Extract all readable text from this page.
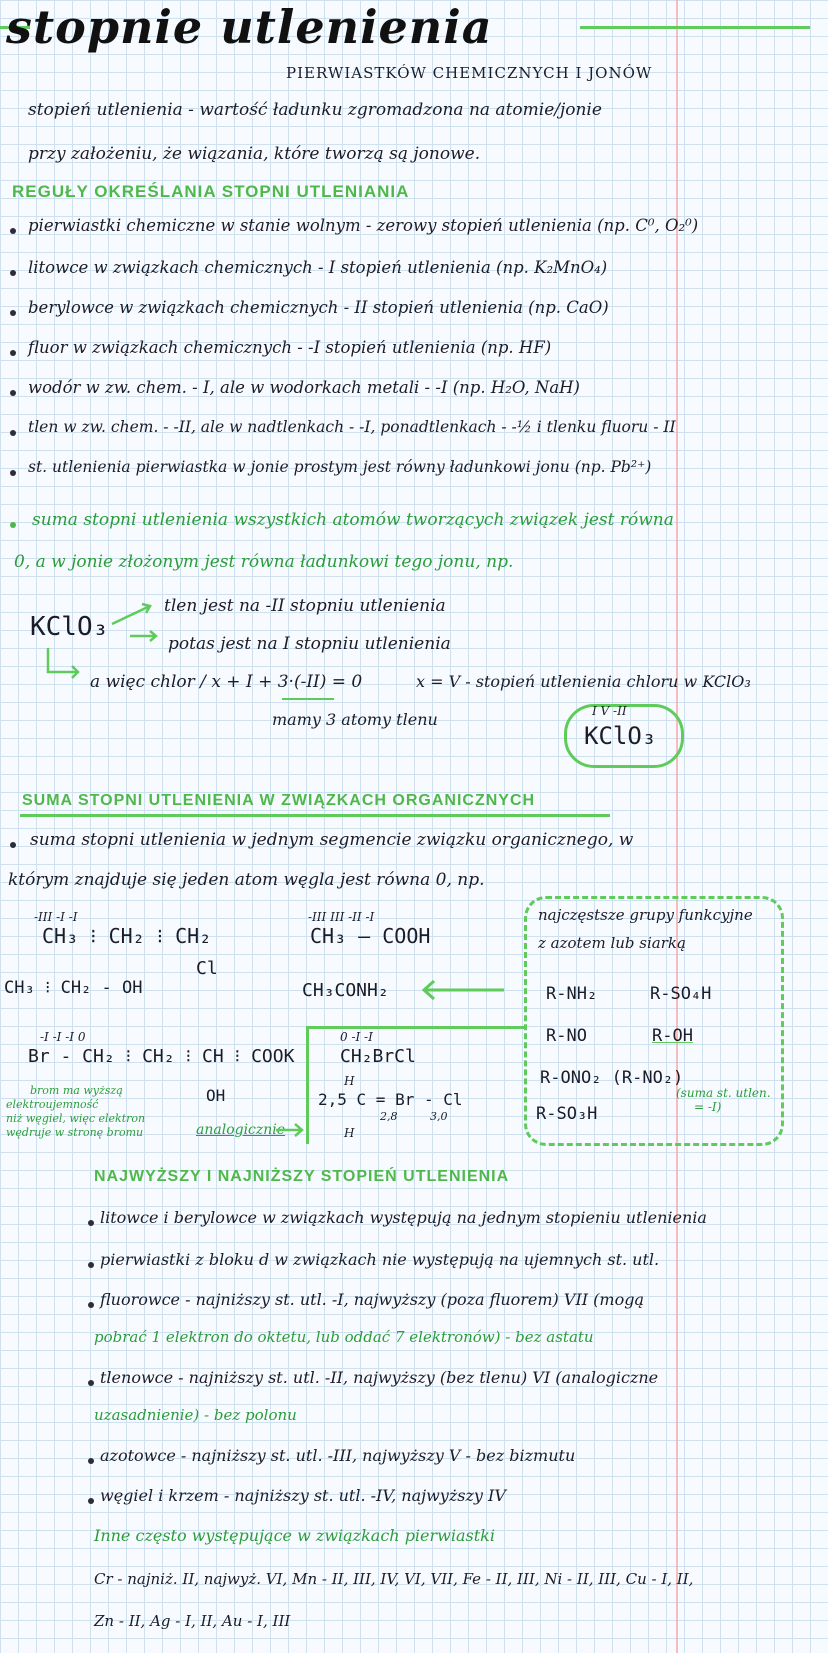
stopnie utlenienia
PIERWIASTKÓW CHEMICZNYCH I JONÓW
stopień utlenienia - wartość ładunku zgromadzona na atomie/jonie
przy założeniu, że wiązania, które tworzą są jonowe.
REGUŁY OKREŚLANIA STOPNI UTLENIANIA
pierwiastki chemiczne w stanie wolnym - zerowy stopień utlenienia (np. C⁰, O₂⁰)
litowce w związkach chemicznych - I stopień utlenienia (np. K₂MnO₄)
berylowce w związkach chemicznych - II stopień utlenienia (np. CaO)
fluor w związkach chemicznych - -I stopień utlenienia (np. HF)
wodór w zw. chem. - I, ale w wodorkach metali - -I (np. H₂O, NaH)
tlen w zw. chem. - -II, ale w nadtlenkach - -I, ponadtlenkach - -½ i tlenku fluoru - II
st. utlenienia pierwiastka w jonie prostym jest równy ładunkowi jonu (np. Pb²⁺)
suma stopni utlenienia wszystkich atomów tworzących związek jest równa
0, a w jonie złożonym jest równa ładunkowi tego jonu, np.
KClO₃
tlen jest na -II stopniu utlenienia
potas jest na I stopniu utlenienia
a więc chlor / x + I + 3·(-II) = 0	x = V - stopień utlenienia chloru w KClO₃
mamy 3 atomy tlenu	I V -II
KClO₃
SUMA STOPNI UTLENIENIA W ZWIĄZKACH ORGANICZNYCH
suma stopni utlenienia w jednym segmencie związku organicznego, w
którym znajduje się jeden atom węgla jest równa 0, np.
-III -I -I
CH₃ ⁝ CH₂ ⁝ CH₂
Cl
CH₃ ⁝ CH₂ - OH
-III III -II -I
CH₃ — COOH
CH₃CONH₂
-I -I -I 0
Br - CH₂ ⁝ CH₂ ⁝ CH ⁝ COOK
OH
brom ma wyższą
elektroujemność
niż węgiel, więc elektron
wędruje w stronę bromu	analogicznie
0 -I -I
CH₂BrCl
H
2,5 C = Br - Cl
2,8	3,0
H
najczęstsze grupy funkcyjne
z azotem lub siarką
R-NH₂	R-SO₄H
R-NO	R-OH
R-ONO₂ (R-NO₂)
(suma st. utlen.
= -I)
R-SO₃H
NAJWYŻSZY I NAJNIŻSZY STOPIEŃ UTLENIENIA
litowce i berylowce w związkach występują na jednym stopieniu utlenienia
pierwiastki z bloku d w związkach nie występują na ujemnych st. utl.
fluorowce - najniższy st. utl. -I, najwyższy (poza fluorem) VII (mogą
pobrać 1 elektron do oktetu, lub oddać 7 elektronów) - bez astatu
tlenowce - najniższy st. utl. -II, najwyższy (bez tlenu) VI (analogiczne
uzasadnienie) - bez polonu
azotowce - najniższy st. utl. -III, najwyższy V - bez bizmutu
węgiel i krzem - najniższy st. utl. -IV, najwyższy IV
Inne często występujące w związkach pierwiastki
Cr - najniż. II, najwyż. VI, Mn - II, III, IV, VI, VII, Fe - II, III, Ni - II, III, Cu - I, II,
Zn - II, Ag - I, II, Au - I, III
